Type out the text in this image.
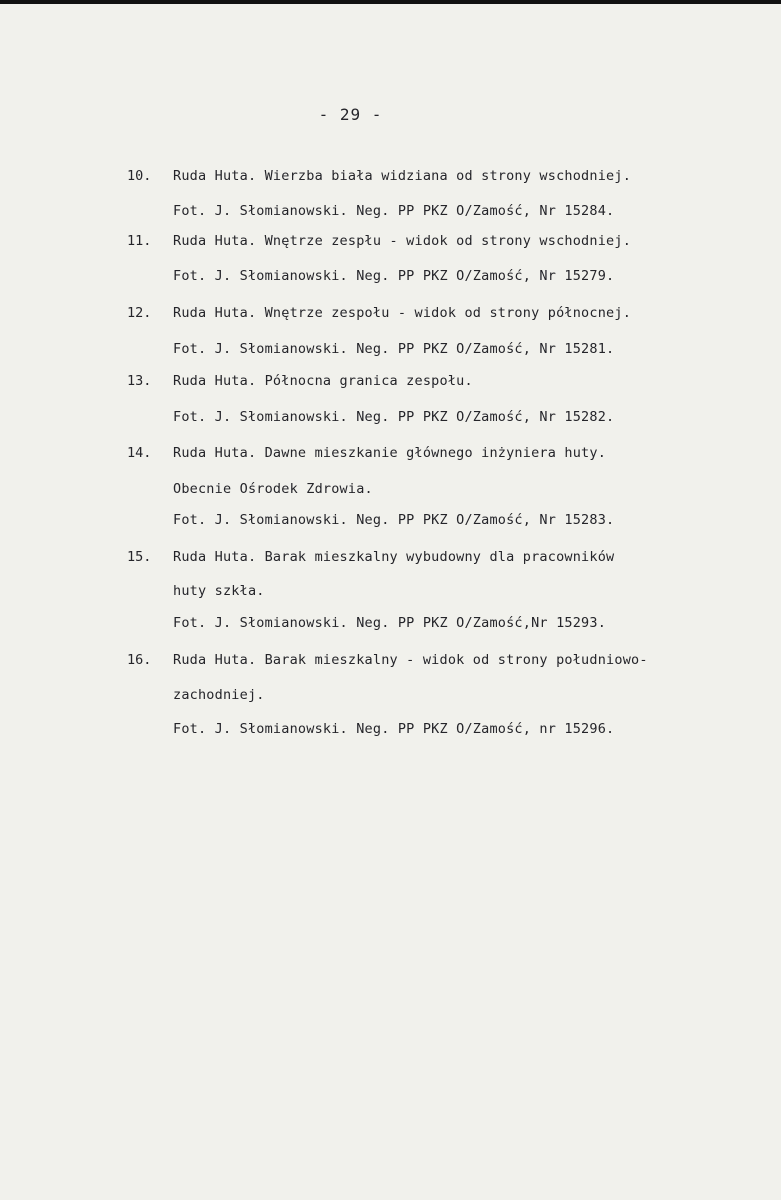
- 29 -
10.	Ruda Huta. Wierzba biała widziana od strony wschodniej.
Fot. J. Słomianowski. Neg. PP PKZ O/Zamość, Nr 15284.
11.	Ruda Huta. Wnętrze zespłu - widok od strony wschodniej.
Fot. J. Słomianowski. Neg. PP PKZ O/Zamość, Nr 15279.
12.	Ruda Huta. Wnętrze zespołu - widok od strony północnej.
Fot. J. Słomianowski. Neg. PP PKZ O/Zamość, Nr 15281.
13.	Ruda Huta. Północna granica zespołu.
Fot. J. Słomianowski. Neg. PP PKZ O/Zamość, Nr 15282.
14.	Ruda Huta. Dawne mieszkanie głównego inżyniera huty.
Obecnie Ośrodek Zdrowia.
Fot. J. Słomianowski. Neg. PP PKZ O/Zamość, Nr 15283.
15.	Ruda Huta. Barak mieszkalny wybudowny dla pracowników
huty szkła.
Fot. J. Słomianowski. Neg. PP PKZ O/Zamość,Nr 15293.
16.	Ruda Huta. Barak mieszkalny - widok od strony południowo-
zachodniej.
Fot. J. Słomianowski. Neg. PP PKZ O/Zamość, nr 15296.
